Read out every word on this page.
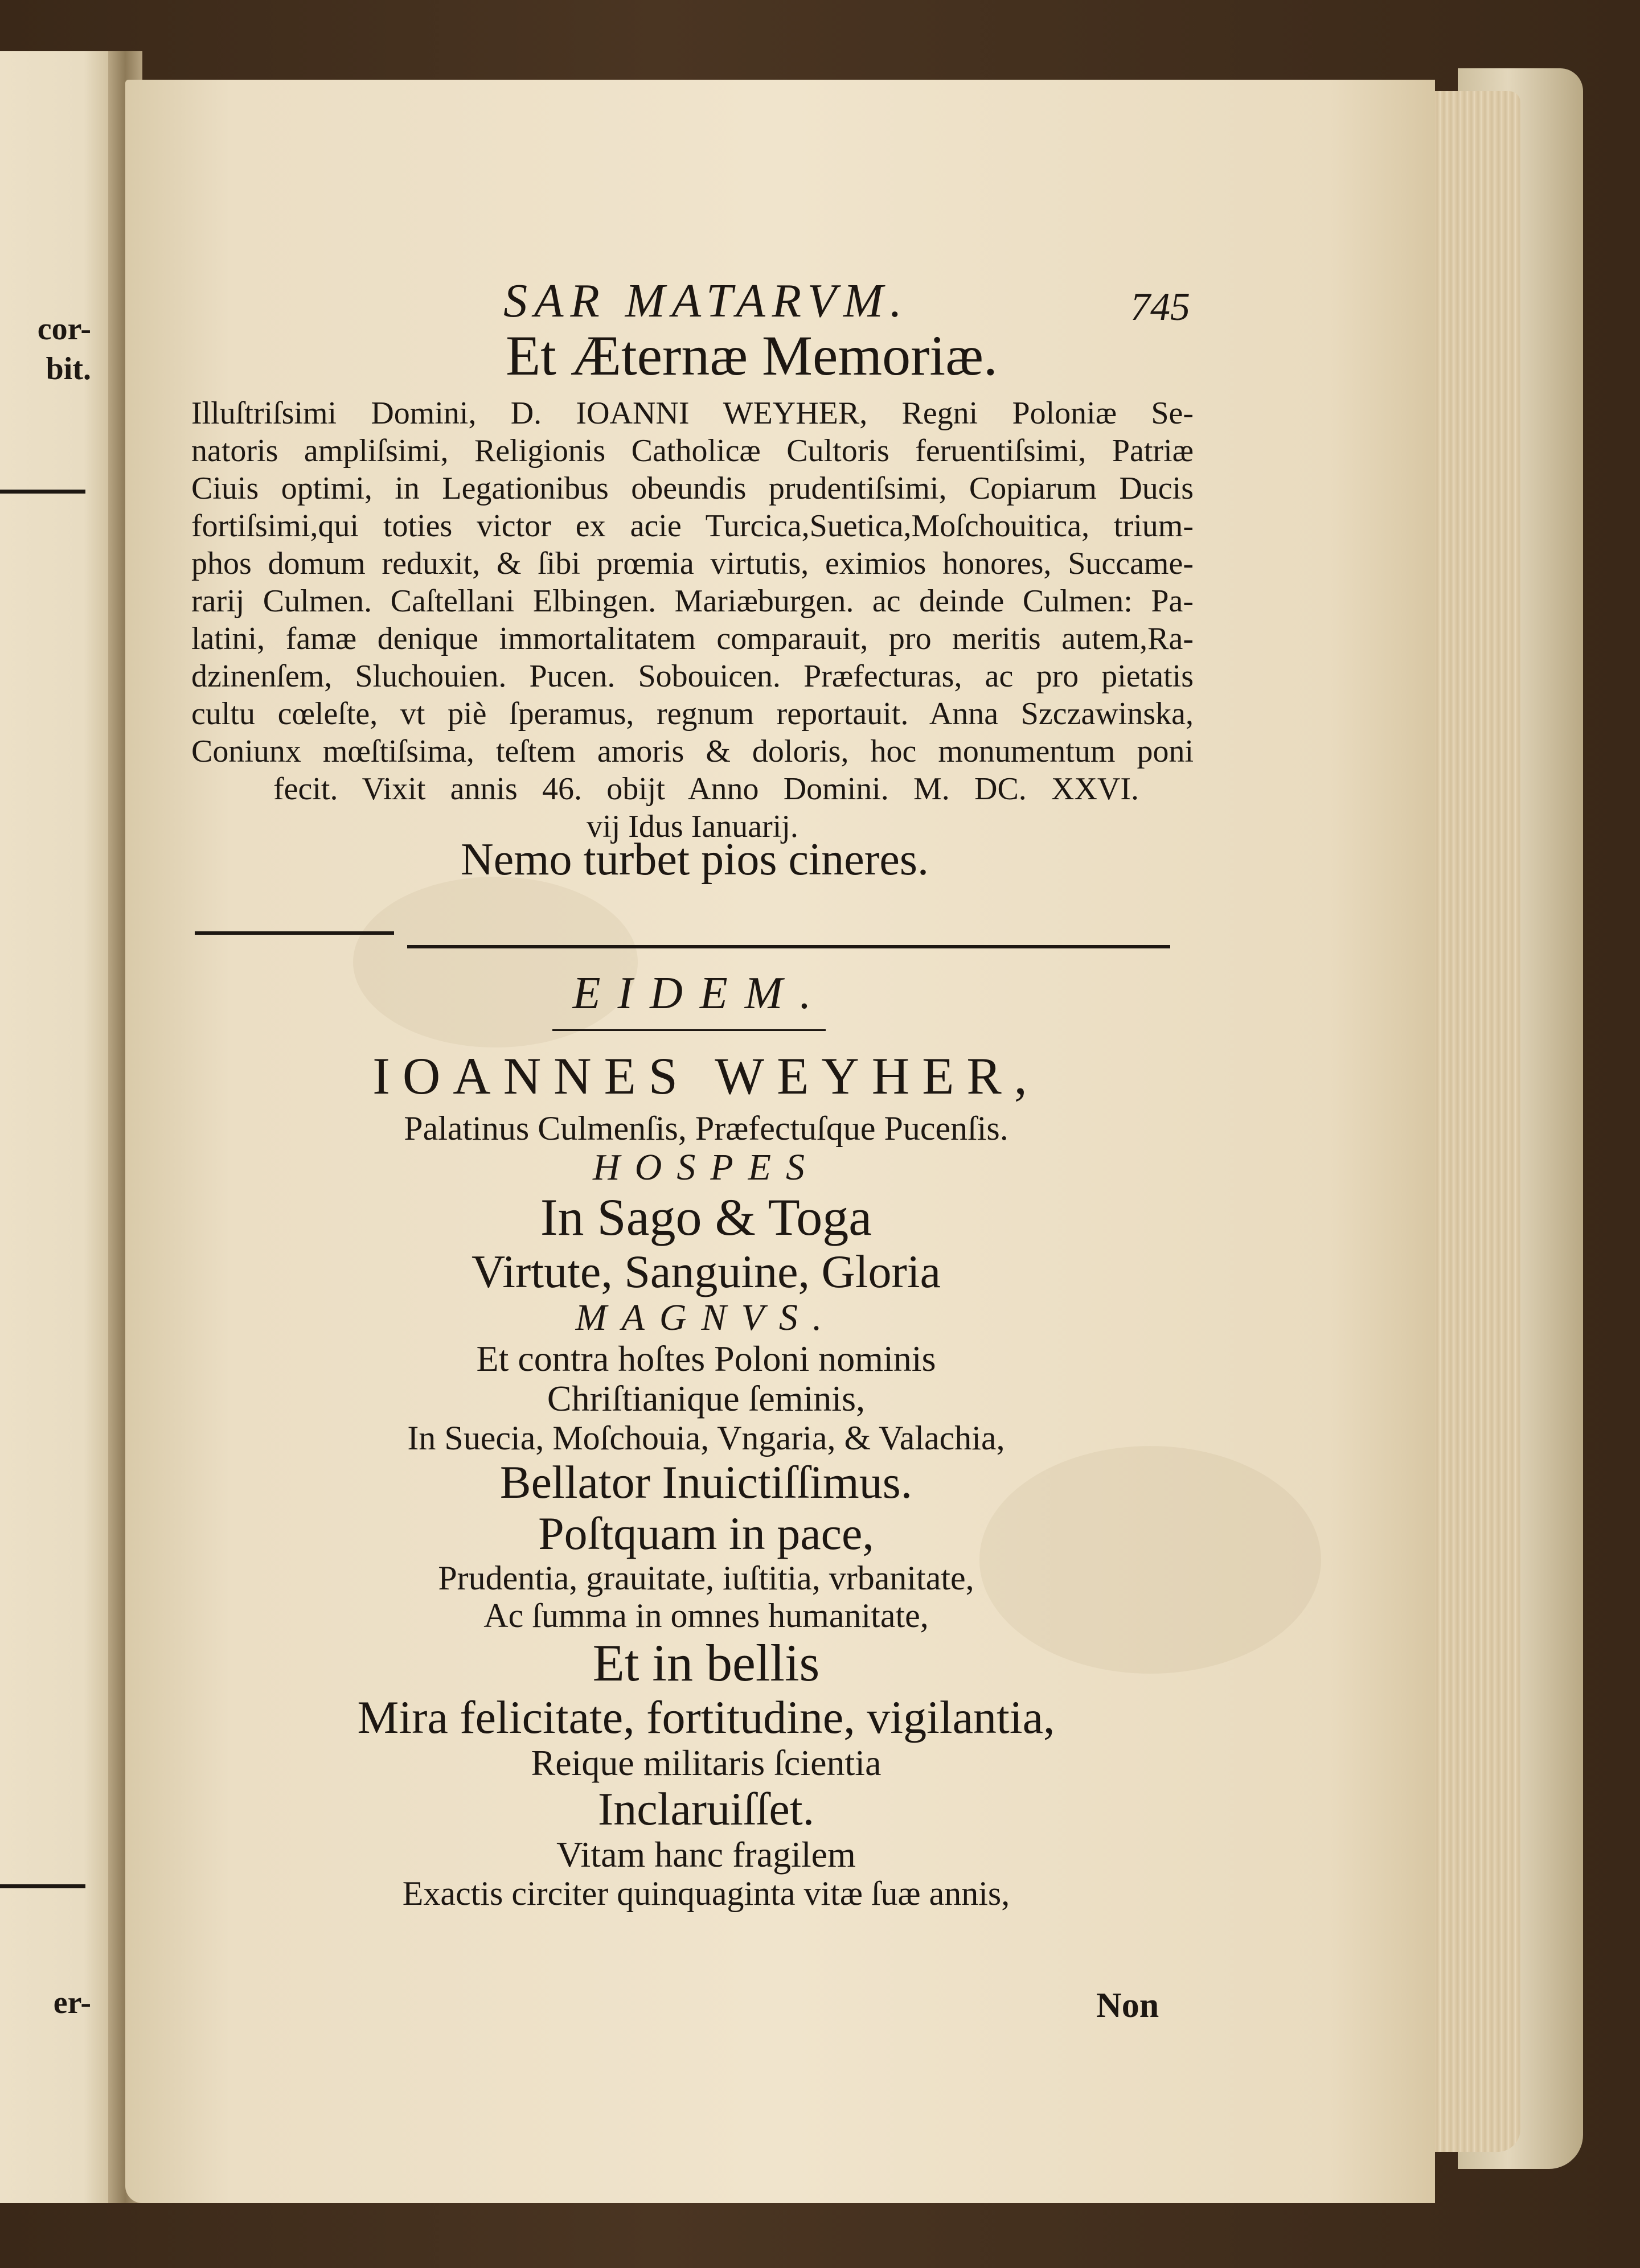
cor-
bit.
er-
SAR MATARVM.	745
Et Æternæ Memoriæ.
Illuſtriſsimi Domini, D. IOANNI WEYHER, Regni Poloniæ Se-
natoris ampliſsimi, Religionis Catholicæ Cultoris feruentiſsimi, Patriæ
Ciuis optimi, in Legationibus obeundis prudentiſsimi, Copiarum Ducis
fortiſsimi,qui toties victor ex acie Turcica,Suetica,Moſchouitica, trium-
phos domum reduxit, & ſibi prœmia virtutis, eximios honores, Succame-
rarij Culmen. Caſtellani Elbingen. Mariæburgen. ac deinde Culmen: Pa-
latini, famæ denique immortalitatem comparauit, pro meritis autem,Ra-
dzinenſem, Sluchouien. Pucen. Sobouicen. Præfecturas, ac pro pietatis
cultu cœleſte, vt piè ſperamus, regnum reportauit. Anna Szczawinska,
Coniunx mœſtiſsima, teſtem amoris & doloris, hoc monumentum poni
fecit. Vixit annis 46. obijt Anno Domini. M. DC. XXVI.
vij Idus Ianuarij.
Nemo turbet pios cineres.
EIDEM.
IOANNES WEYHER,
Palatinus Culmenſis, Præfectuſque Pucenſis.
HOSPES
In Sago & Toga
Virtute, Sanguine, Gloria
MAGNVS.
Et contra hoſtes Poloni nominis
Chriſtianique ſeminis,
In Suecia, Moſchouia, Vngaria, & Valachia,
Bellator Inuictiſſimus.
Poſtquam in pace,
Prudentia, grauitate, iuſtitia, vrbanitate,
Ac ſumma in omnes humanitate,
Et in bellis
Mira felicitate, fortitudine, vigilantia,
Reique militaris ſcientia
Inclaruiſſet.
Vitam hanc fragilem
Exactis circiter quinquaginta vitæ ſuæ annis,
Non
